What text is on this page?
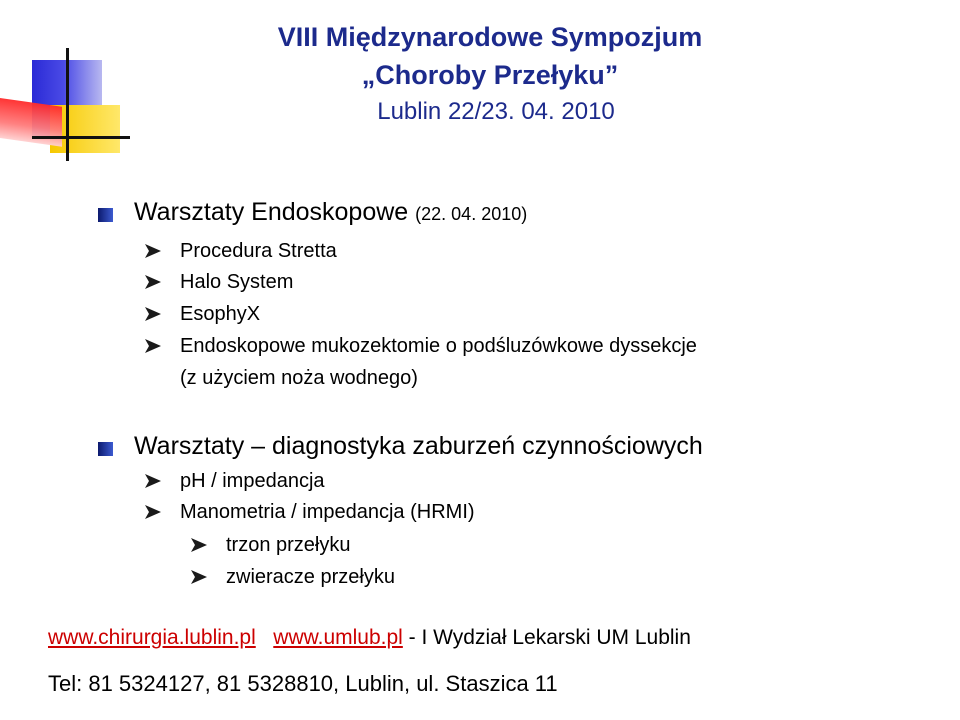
VIII Międzynarodowe Sympozjum
„Choroby Przełyku”
Lublin 22/23. 04. 2010
Warsztaty Endoskopowe (22. 04. 2010)
Procedura Stretta
Halo System
EsophyX
Endoskopowe mukozektomie o podśluzówkowe dyssekcje
(z użyciem noża wodnego)
Warsztaty – diagnostyka zaburzeń czynnościowych
pH / impedancja
Manometria / impedancja (HRMI)
trzon przełyku
zwieracze przełyku
www.chirurgia.lublin.pl www.umlub.pl - I Wydział Lekarski UM Lublin
Tel: 81 5324127, 81 5328810, Lublin, ul. Staszica 11
